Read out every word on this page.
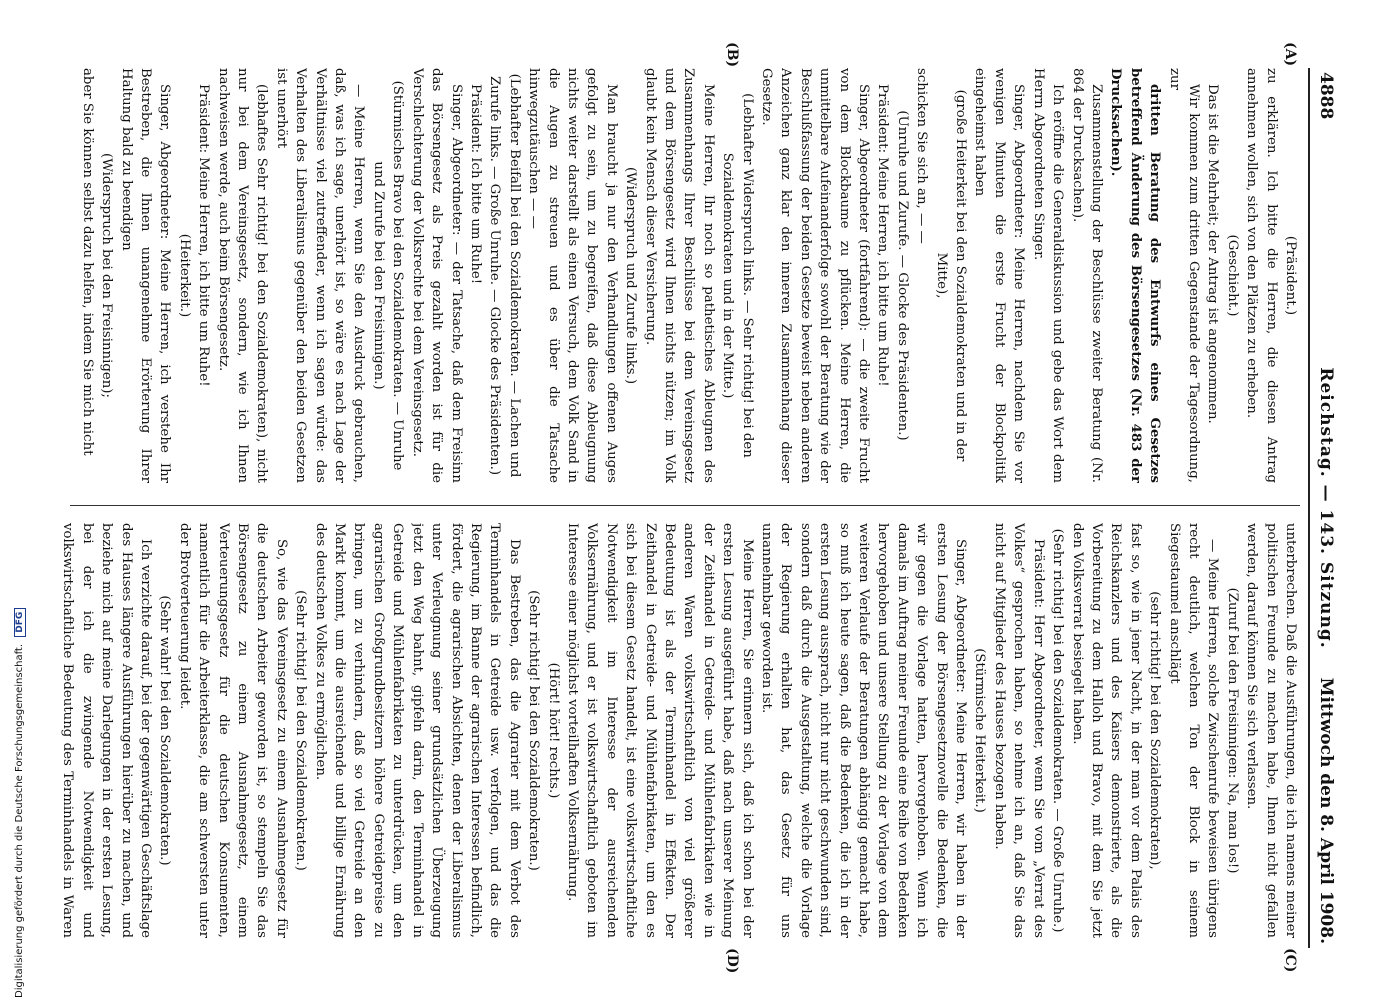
Digitalisierung gefördert durch die Deutsche Forschungsgemeinschaft. DFG
4888
Reichstag. — 143. Sitzung.
Mittwoch den 8. April 1908.
(A)
(B)
(C)
(D)

(Präsident.)

zu erklären. Ich bitte die Herren, die diesen Antrag annehmen wollen, sich von den Plätzen zu erheben.

(Geschieht.)

Das ist die Mehrheit; der Antrag ist angenommen.

Wir kommen zum dritten Gegenstande der Tagesordnung, zur

dritten Beratung des Entwurfs eines Gesetzes betreffend Änderung des Börsengesetzes (Nr. 483 der Drucksachen).

Zusammenstellung der Beschlüsse zweiter Beratung (Nr. 864 der Drucksachen).

Ich eröffne die Generaldiskussion und gebe das Wort dem Herrn Abgeordneten Singer.

Singer, Abgeordneter: Meine Herren, nachdem Sie vor wenigen Minuten die erste Frucht der Blockpolitik eingeheimst haben

(große Heiterkeit bei den Sozialdemokraten und in der Mitte),

schicken Sie sich an, — —

(Unruhe und Zurufe. — Glocke des Präsidenten.)

Präsident: Meine Herren, ich bitte um Ruhe!

Singer, Abgeordneter (fortfahrend): — die zweite Frucht von dem Blockbaume zu pflücken. Meine Herren, die unmittelbare Aufeinanderfolge sowohl der Beratung wie der Beschlußfassung der beiden Gesetze beweist neben anderen Anzeichen ganz klar den inneren Zusammenhang dieser Gesetze.

(Lebhafter Widerspruch links. — Sehr richtig! bei den Sozialdemokraten und in der Mitte.)

Meine Herren, Ihr noch so pathetisches Ableugnen des Zusammenhangs Ihrer Beschlüsse bei dem Vereinsgesetz und dem Börsengesetz wird Ihnen nichts nützen; im Volk glaubt kein Mensch dieser Versicherung.

(Widerspruch und Zurufe links.)

Man braucht ja nur den Verhandlungen offenen Auges gefolgt zu sein, um zu begreifen, daß diese Ableugnung nichts weiter darstellt als einen Versuch, dem Volk Sand in die Augen zu streuen und es über die Tatsache hinwegzutäuschen — —

(Lebhafter Beifall bei den Sozialdemokraten. — Lachen und Zurufe links. — Große Unruhe. — Glocke des Präsidenten.)

Präsident: Ich bitte um Ruhe!

Singer, Abgeordneter: — der Tatsache, daß dem Freisinn das Börsengesetz als Preis gezahlt worden ist für die Verschlechterung der Volksrechte bei dem Vereinsgesetz.

(Stürmisches Bravo bei den Sozialdemokraten. — Unruhe und Zurufe bei den Freisinnigen.)

— Meine Herren, wenn Sie den Ausdruck gebrauchen, daß, was ich sage, unerhört ist, so wäre es nach Lage der Verhältnisse viel zutreffender, wenn ich sagen würde: das Verhalten des Liberalismus gegenüber den beiden Gesetzen ist unerhört

(lebhaftes Sehr richtig! bei den Sozialdemokraten), nicht nur bei dem Vereinsgesetz, sondern, wie ich Ihnen nachweisen werde, auch beim Börsengesetz.

Präsident: Meine Herren, ich bitte um Ruhe!

(Heiterkeit.)

Singer, Abgeordneter: Meine Herren, ich verstehe Ihr Bestreben, die Ihnen unangenehme Erörterung Ihrer Haltung bald zu beendigen

(Widerspruch bei den Freisinnigen);

aber Sie können selbst dazu helfen, indem Sie mich nicht

unterbrechen. Daß die Ausführungen, die ich namens meiner politischen Freunde zu machen habe, Ihnen nicht gefallen werden, darauf können Sie sich verlassen.

(Zuruf bei den Freisinnigen: Na, man los!)

— Meine Herren, solche Zwischenrufe beweisen übrigens recht deutlich, welchen Ton der Block in seinem Siegestaumel anschlägt

(sehr richtig! bei den Sozialdemokraten),

fast so, wie in jener Nacht, in der man vor dem Palais des Reichskanzlers und des Kaisers demonstrierte, als die Vorbereitung zu dem Halloh und Bravo, mit dem Sie jetzt den Volksverrat besiegelt haben.

(Sehr richtig! bei den Sozialdemokraten. — Große Unruhe.)

Präsident: Herr Abgeordneter, wenn Sie vom „Verrat des Volkes“ gesprochen haben, so nehme ich an, daß Sie das nicht auf Mitglieder des Hauses bezogen haben.

(Stürmische Heiterkeit.)

Singer, Abgeordneter: Meine Herren, wir haben in der ersten Lesung der Börsengesetznovelle die Bedenken, die wir gegen die Vorlage hatten, hervorgehoben. Wenn ich damals im Auftrag meiner Freunde eine Reihe von Bedenken hervorgehoben und unsere Stellung zu der Vorlage von dem weiteren Verlaufe der Beratungen abhängig gemacht habe, so muß ich heute sagen, daß die Bedenken, die ich in der ersten Lesung aussprach, nicht nur nicht geschwunden sind, sondern daß durch die Ausgestaltung, welche die Vorlage der Regierung erhalten hat, das Gesetz für uns unannehmbar geworden ist.

Meine Herren, Sie erinnern sich, daß ich schon bei der ersten Lesung ausgeführt habe, daß nach unserer Meinung der Zeithandel in Getreide- und Mühlenfabrikaten wie in anderen Waren volkswirtschaftlich von viel größerer Bedeutung ist als der Terminhandel in Effekten. Der Zeithandel in Getreide- und Mühlenfabrikaten, um den es sich bei diesem Gesetz handelt, ist eine volkswirtschaftliche Notwendigkeit im Interesse der ausreichenden Volksernährung, und er ist volkswirtschaftlich geboten im Interesse einer möglichst vorteilhaften Volksernährung.

(Hört! hört! rechts.)

(Sehr richtig! bei den Sozialdemokraten.)

Das Bestreben, das die Agrarier mit dem Verbot des Terminhandels in Getreide usw. verfolgen, und das die Regierung, im Banne der agrarischen Interessen befindlich, fördert, die agrarischen Absichten, denen der Liberalismus unter Verleugnung seiner grundsätzlichen Überzeugung jetzt den Weg bahnt, gipfeln darin, den Terminhandel in Getreide und Mühlenfabrikaten zu unterdrücken, um den agrarischen Großgrundbesitzern höhere Getreidepreise zu bringen, um zu verhindern, daß so viel Getreide an den Markt kommt, um die ausreichende und billige Ernährung des deutschen Volkes zu ermöglichen.

(Sehr richtig! bei den Sozialdemokraten.)

So, wie das Vereinsgesetz zu einem Ausnahmegesetz für die deutschen Arbeiter geworden ist, so stempeln Sie das Börsengesetz zu einem Ausnahmegesetz, einem Verteuerungsgesetz für die deutschen Konsumenten, namentlich für die Arbeiterklasse, die am schwersten unter der Brotverteuerung leidet.

(Sehr wahr! bei den Sozialdemokraten.)

Ich verzichte darauf, bei der gegenwärtigen Geschäftslage des Hauses längere Ausführungen hierüber zu machen, und beziehe mich auf meine Darlegungen in der ersten Lesung, bei der ich die zwingende Notwendigkeit und volkswirtschaftliche Bedeutung des Terminhandels in Waren
